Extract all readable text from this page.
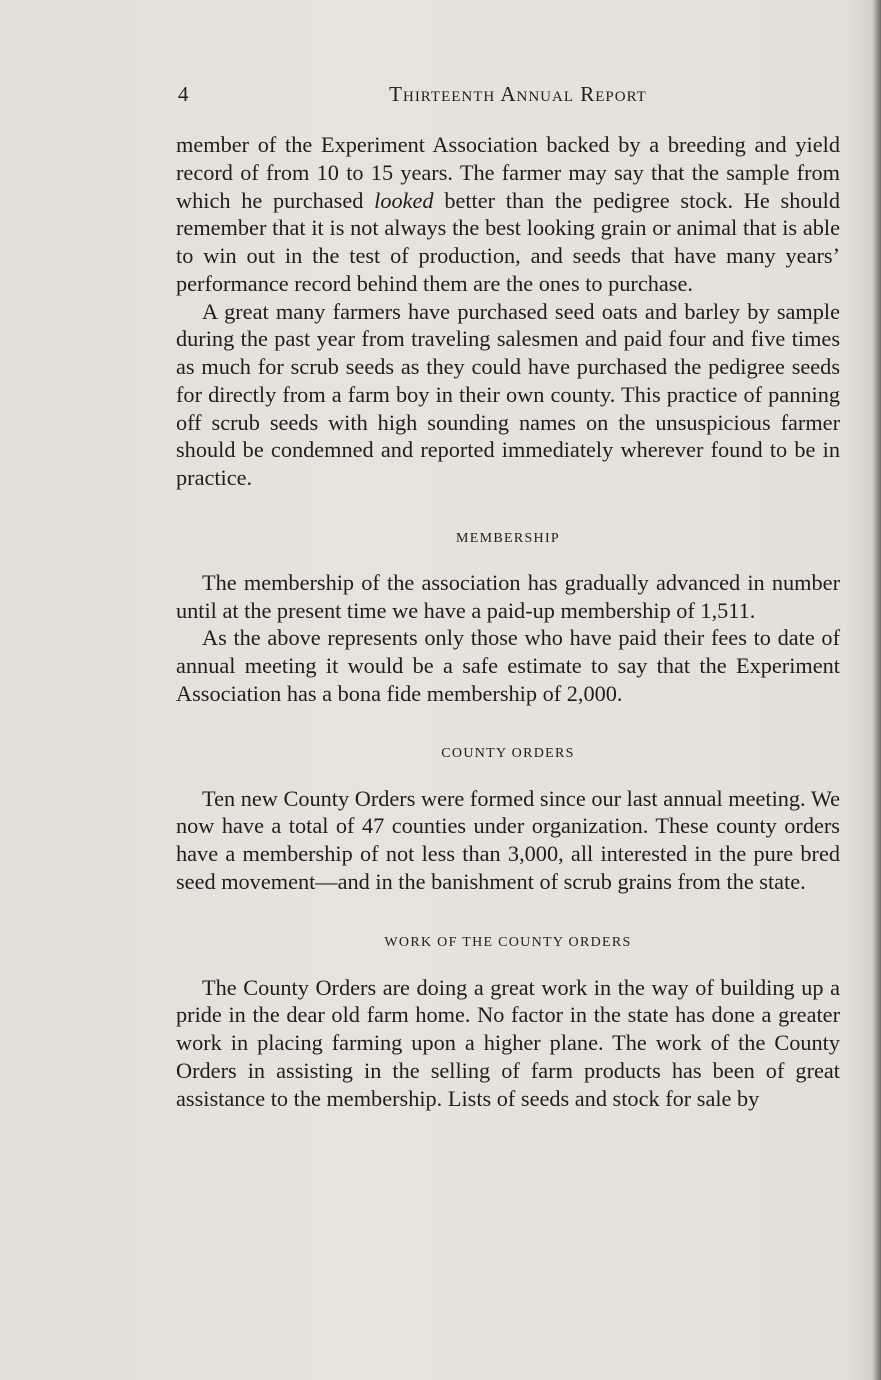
4	Thirteenth Annual Report

member of the Experiment Association backed by a breeding and yield record of from 10 to 15 years. The farmer may say that the sample from which he purchased looked better than the pedigree stock. He should remember that it is not always the best looking grain or animal that is able to win out in the test of production, and seeds that have many years’ performance record behind them are the ones to purchase.

A great many farmers have purchased seed oats and barley by sample during the past year from traveling salesmen and paid four and five times as much for scrub seeds as they could have purchased the pedigree seeds for directly from a farm boy in their own county. This practice of panning off scrub seeds with high sounding names on the unsuspicious farmer should be condemned and reported immediately wherever found to be in practice.

MEMBERSHIP

The membership of the association has gradually advanced in number until at the present time we have a paid-up membership of 1,511.

As the above represents only those who have paid their fees to date of annual meeting it would be a safe estimate to say that the Experiment Association has a bona fide membership of 2,000.

COUNTY ORDERS

Ten new County Orders were formed since our last annual meeting. We now have a total of 47 counties under organization. These county orders have a membership of not less than 3,000, all interested in the pure bred seed movement—and in the banishment of scrub grains from the state.

WORK OF THE COUNTY ORDERS

The County Orders are doing a great work in the way of building up a pride in the dear old farm home. No factor in the state has done a greater work in placing farming upon a higher plane. The work of the County Orders in assisting in the selling of farm products has been of great assistance to the membership. Lists of seeds and stock for sale by
